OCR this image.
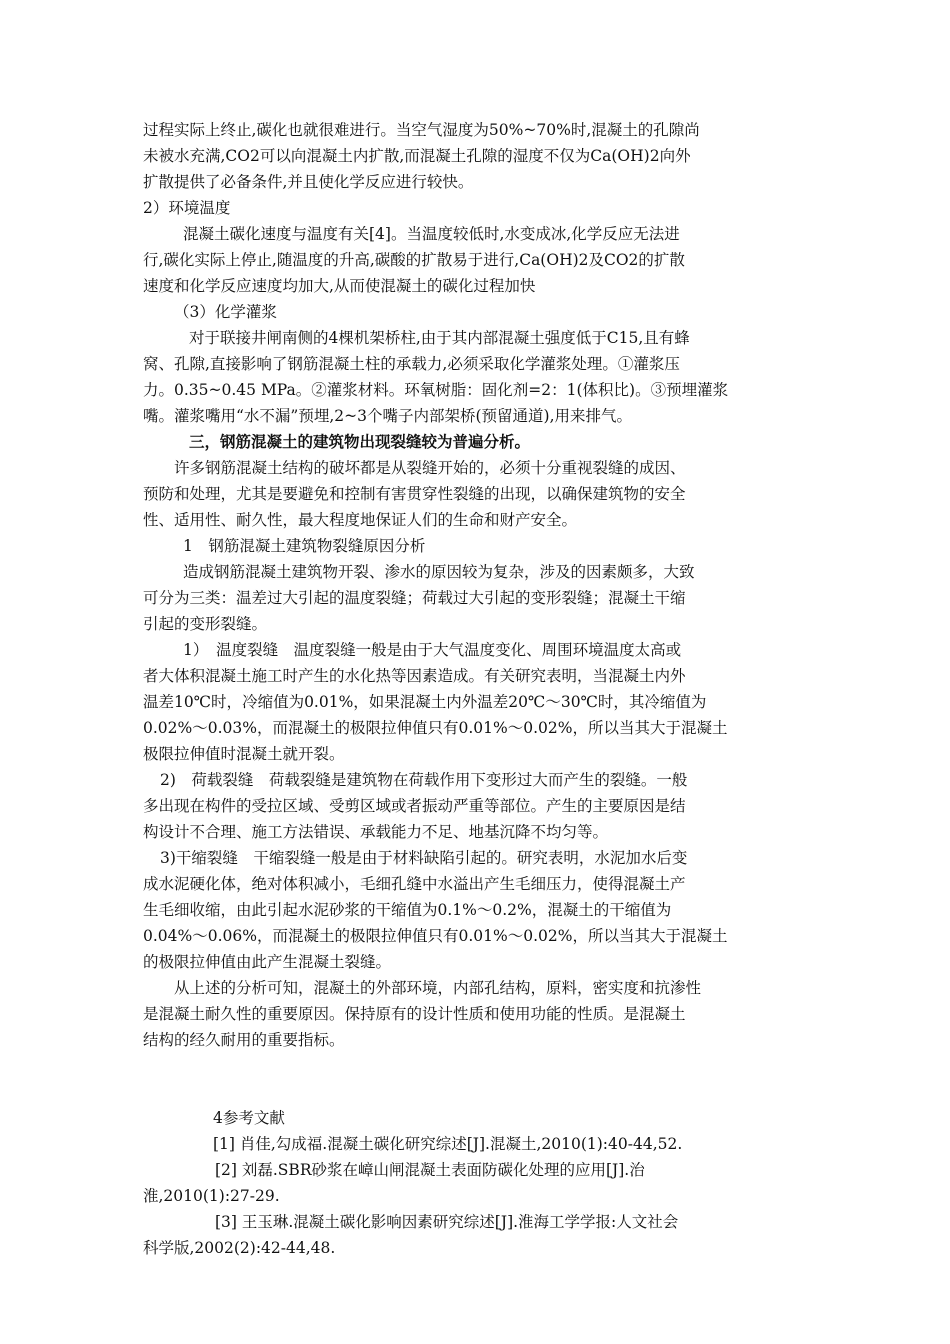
过程实际上终止,碳化也就很难进行。当空气湿度为50%~70%时,混凝土的孔隙尚
未被水充满,CO2可以向混凝土内扩散,而混凝土孔隙的湿度不仅为Ca(OH)2向外
扩散提供了必备条件,并且使化学反应进行较快。
2）环境温度
混凝土碳化速度与温度有关[4]。当温度较低时,水变成冰,化学反应无法进
行,碳化实际上停止,随温度的升高,碳酸的扩散易于进行,Ca(OH)2及CO2的扩散
速度和化学反应速度均加大,从而使混凝土的碳化过程加快
（3）化学灌浆
对于联接井闸南侧的4棵机架桥柱,由于其内部混凝土强度低于C15,且有蜂
窝、孔隙,直接影响了钢筋混凝土柱的承载力,必须采取化学灌浆处理。①灌浆压
力。0.35~0.45 MPa。②灌浆材料。环氧树脂：固化剂=2：1(体积比)。③预埋灌浆
嘴。灌浆嘴用“水不漏”预埋,2~3个嘴子内部架桥(预留通道),用来排气。
三，钢筋混凝土的建筑物出现裂缝较为普遍分析。
许多钢筋混凝土结构的破坏都是从裂缝开始的，必须十分重视裂缝的成因、
预防和处理，尤其是要避免和控制有害贯穿性裂缝的出现，以确保建筑物的安全
性、适用性、耐久性，最大程度地保证人们的生命和财产安全。
1　钢筋混凝土建筑物裂缝原因分析
造成钢筋混凝土建筑物开裂、渗水的原因较为复杂，涉及的因素颇多，大致
可分为三类：温差过大引起的温度裂缝；荷载过大引起的变形裂缝；混凝土干缩
引起的变形裂缝。
1）　温度裂缝　温度裂缝一般是由于大气温度变化、周围环境温度太高或
者大体积混凝土施工时产生的水化热等因素造成。有关研究表明，当混凝土内外
温差10℃时，冷缩值为0.01%，如果混凝土内外温差20℃～30℃时，其冷缩值为
0.02%～0.03%，而混凝土的极限拉伸值只有0.01%～0.02%，所以当其大于混凝土
极限拉伸值时混凝土就开裂。
2)　荷载裂缝　荷载裂缝是建筑物在荷载作用下变形过大而产生的裂缝。一般
多出现在构件的受拉区域、受剪区域或者振动严重等部位。产生的主要原因是结
构设计不合理、施工方法错误、承载能力不足、地基沉降不均匀等。
3)干缩裂缝　干缩裂缝一般是由于材料缺陷引起的。研究表明，水泥加水后变
成水泥硬化体，绝对体积减小，毛细孔缝中水溢出产生毛细压力，使得混凝土产
生毛细收缩，由此引起水泥砂浆的干缩值为0.1%～0.2%，混凝土的干缩值为
0.04%～0.06%，而混凝土的极限拉伸值只有0.01%～0.02%，所以当其大于混凝土
的极限拉伸值由此产生混凝土裂缝。
从上述的分析可知，混凝土的外部环境，内部孔结构，原料，密实度和抗渗性
是混凝土耐久性的重要原因。保持原有的设计性质和使用功能的性质。是混凝土
结构的经久耐用的重要指标。
4参考文献
[1] 肖佳,勾成福.混凝土碳化研究综述[J].混凝土,2010(1):40-44,52.
[2] 刘磊.SBR砂浆在嶂山闸混凝土表面防碳化处理的应用[J].治
淮,2010(1):27-29.
[3] 王玉琳.混凝土碳化影响因素研究综述[J].淮海工学学报:人文社会
科学版,2002(2):42-44,48.
